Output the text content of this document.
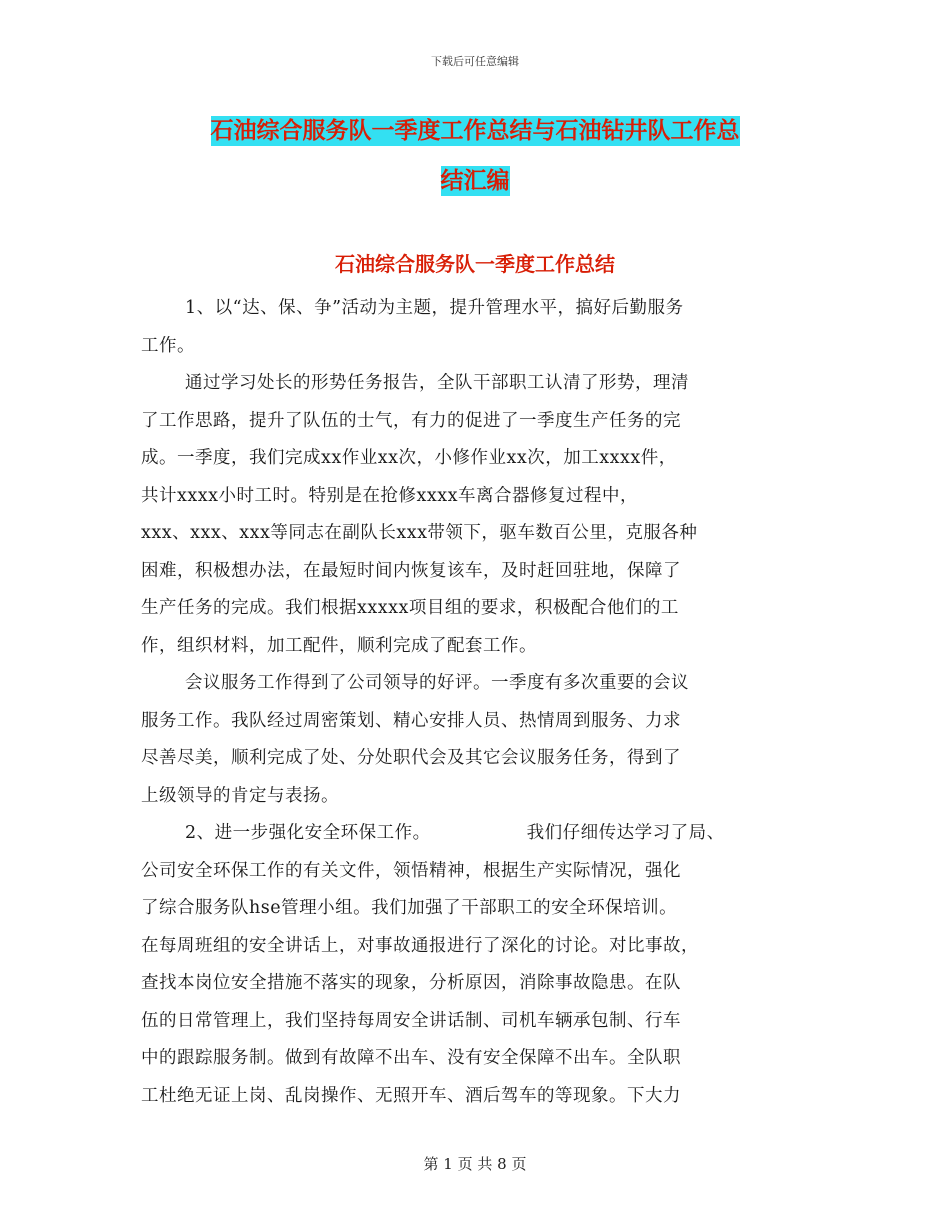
下载后可任意编辑
石油综合服务队一季度工作总结与石油钻井队工作总
结汇编
石油综合服务队一季度工作总结

1、以“达、保、争”活动为主题，提升管理水平，搞好后勤服务
工作。

通过学习处长的形势任务报告，全队干部职工认清了形势，理清
了工作思路，提升了队伍的士气，有力的促进了一季度生产任务的完
成。一季度，我们完成xx作业xx次，小修作业xx次，加工xxxx件，
共计xxxx小时工时。特别是在抢修xxxx车离合器修复过程中，
xxx、xxx、xxx等同志在副队长xxx带领下，驱车数百公里，克服各种
困难，积极想办法，在最短时间内恢复该车，及时赶回驻地，保障了
生产任务的完成。我们根据xxxxx项目组的要求，积极配合他们的工
作，组织材料，加工配件，顺利完成了配套工作。

会议服务工作得到了公司领导的好评。一季度有多次重要的会议
服务工作。我队经过周密策划、精心安排人员、热情周到服务、力求
尽善尽美，顺利完成了处、分处职代会及其它会议服务任务，得到了
上级领导的肯定与表扬。

2、进一步强化安全环保工作。	我们仔细传达学习了局、
公司安全环保工作的有关文件，领悟精神，根据生产实际情况，强化
了综合服务队hse管理小组。我们加强了干部职工的安全环保培训。
在每周班组的安全讲话上，对事故通报进行了深化的讨论。对比事故，
查找本岗位安全措施不落实的现象，分析原因，消除事故隐患。在队
伍的日常管理上，我们坚持每周安全讲话制、司机车辆承包制、行车
中的跟踪服务制。做到有故障不出车、没有安全保障不出车。全队职
工杜绝无证上岗、乱岗操作、无照开车、酒后驾车的等现象。下大力

第 1 页 共 8 页
